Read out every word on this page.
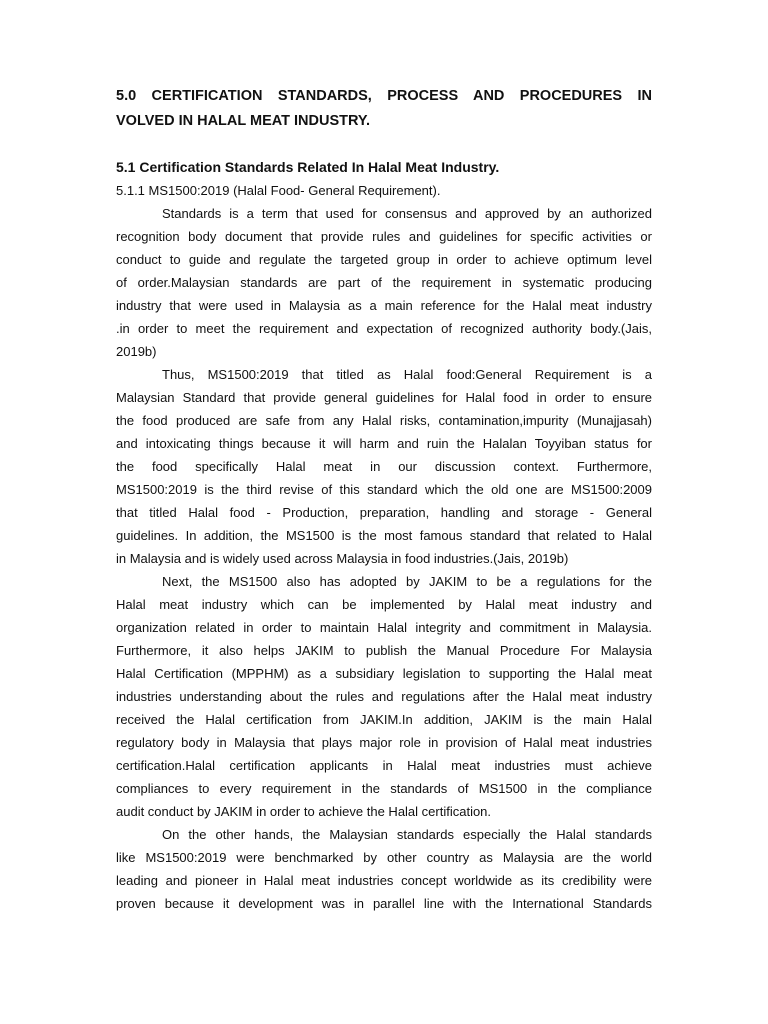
5.0 CERTIFICATION STANDARDS, PROCESS AND PROCEDURES IN
VOLVED IN HALAL MEAT INDUSTRY.
5.1 Certification Standards Related In Halal Meat Industry.
5.1.1 MS1500:2019 (Halal Food- General Requirement).
Standards is a term that used for consensus and approved by an authorized
recognition body document that provide rules and guidelines for specific activities or
conduct to guide and regulate the targeted group in order to achieve optimum level
of order.Malaysian standards are part of the requirement in systematic producing
industry that were used in Malaysia as a main reference for the Halal meat industry
.in order to meet the requirement and expectation of recognized authority body.(Jais,
2019b)
Thus, MS1500:2019 that titled as Halal food:General Requirement is a
Malaysian Standard that provide general guidelines for Halal food in order to ensure
the food produced are safe from any Halal risks, contamination,impurity (Munajjasah)
and intoxicating things because it will harm and ruin the Halalan Toyyiban status for
the food specifically Halal meat in our discussion context. Furthermore,
MS1500:2019 is the third revise of this standard which the old one are MS1500:2009
that titled Halal food - Production, preparation, handling and storage - General
guidelines. In addition, the MS1500 is the most famous standard that related to Halal
in Malaysia and is widely used across Malaysia in food industries.(Jais, 2019b)
Next, the MS1500 also has adopted by JAKIM to be a regulations for the
Halal meat industry which can be implemented by Halal meat industry and
organization related in order to maintain Halal integrity and commitment in Malaysia.
Furthermore, it also helps JAKIM to publish the Manual Procedure For Malaysia
Halal Certification (MPPHM) as a subsidiary legislation to supporting the Halal meat
industries understanding about the rules and regulations after the Halal meat industry
received the Halal certification from JAKIM.In addition, JAKIM is the main Halal
regulatory body in Malaysia that plays major role in provision of Halal meat industries
certification.Halal certification applicants in Halal meat industries must achieve
compliances to every requirement in the standards of MS1500 in the compliance
audit conduct by JAKIM in order to achieve the Halal certification.
On the other hands, the Malaysian standards especially the Halal standards
like MS1500:2019 were benchmarked by other country as Malaysia are the world
leading and pioneer in Halal meat industries concept worldwide as its credibility were
proven because it development was in parallel line with the International Standards
